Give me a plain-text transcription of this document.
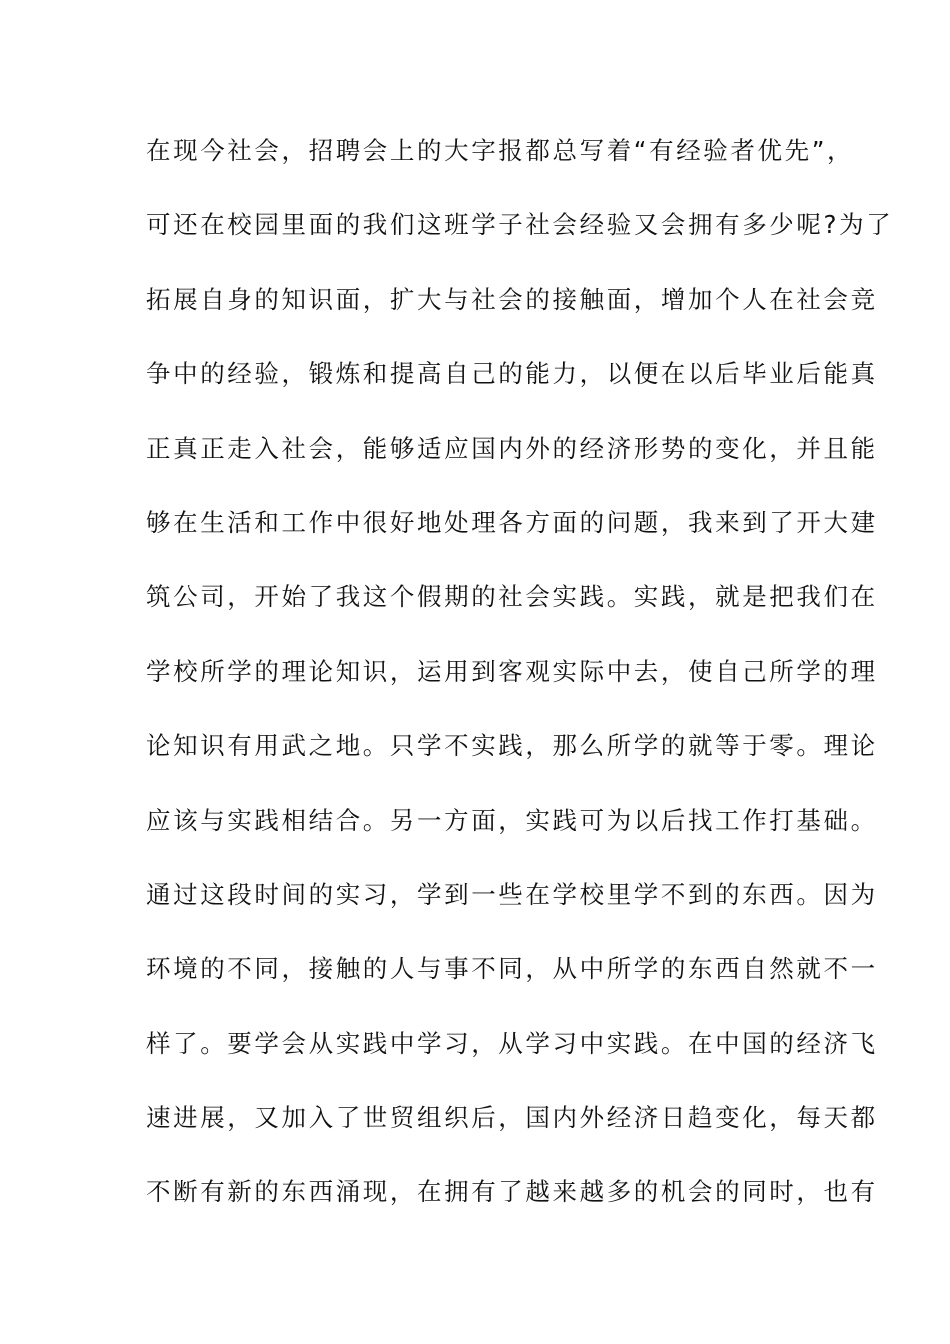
在现今社会，招聘会上的大字报都总写着“有经验者优先”，
可还在校园里面的我们这班学子社会经验又会拥有多少呢?为了
拓展自身的知识面，扩大与社会的接触面，增加个人在社会竞
争中的经验，锻炼和提高自己的能力，以便在以后毕业后能真
正真正走入社会，能够适应国内外的经济形势的变化，并且能
够在生活和工作中很好地处理各方面的问题，我来到了开大建
筑公司，开始了我这个假期的社会实践。实践，就是把我们在
学校所学的理论知识，运用到客观实际中去，使自己所学的理
论知识有用武之地。只学不实践，那么所学的就等于零。理论
应该与实践相结合。另一方面，实践可为以后找工作打基础。
通过这段时间的实习，学到一些在学校里学不到的东西。因为
环境的不同，接触的人与事不同，从中所学的东西自然就不一
样了。要学会从实践中学习，从学习中实践。在中国的经济飞
速进展，又加入了世贸组织后，国内外经济日趋变化，每天都
不断有新的东西涌现，在拥有了越来越多的机会的同时，也有
